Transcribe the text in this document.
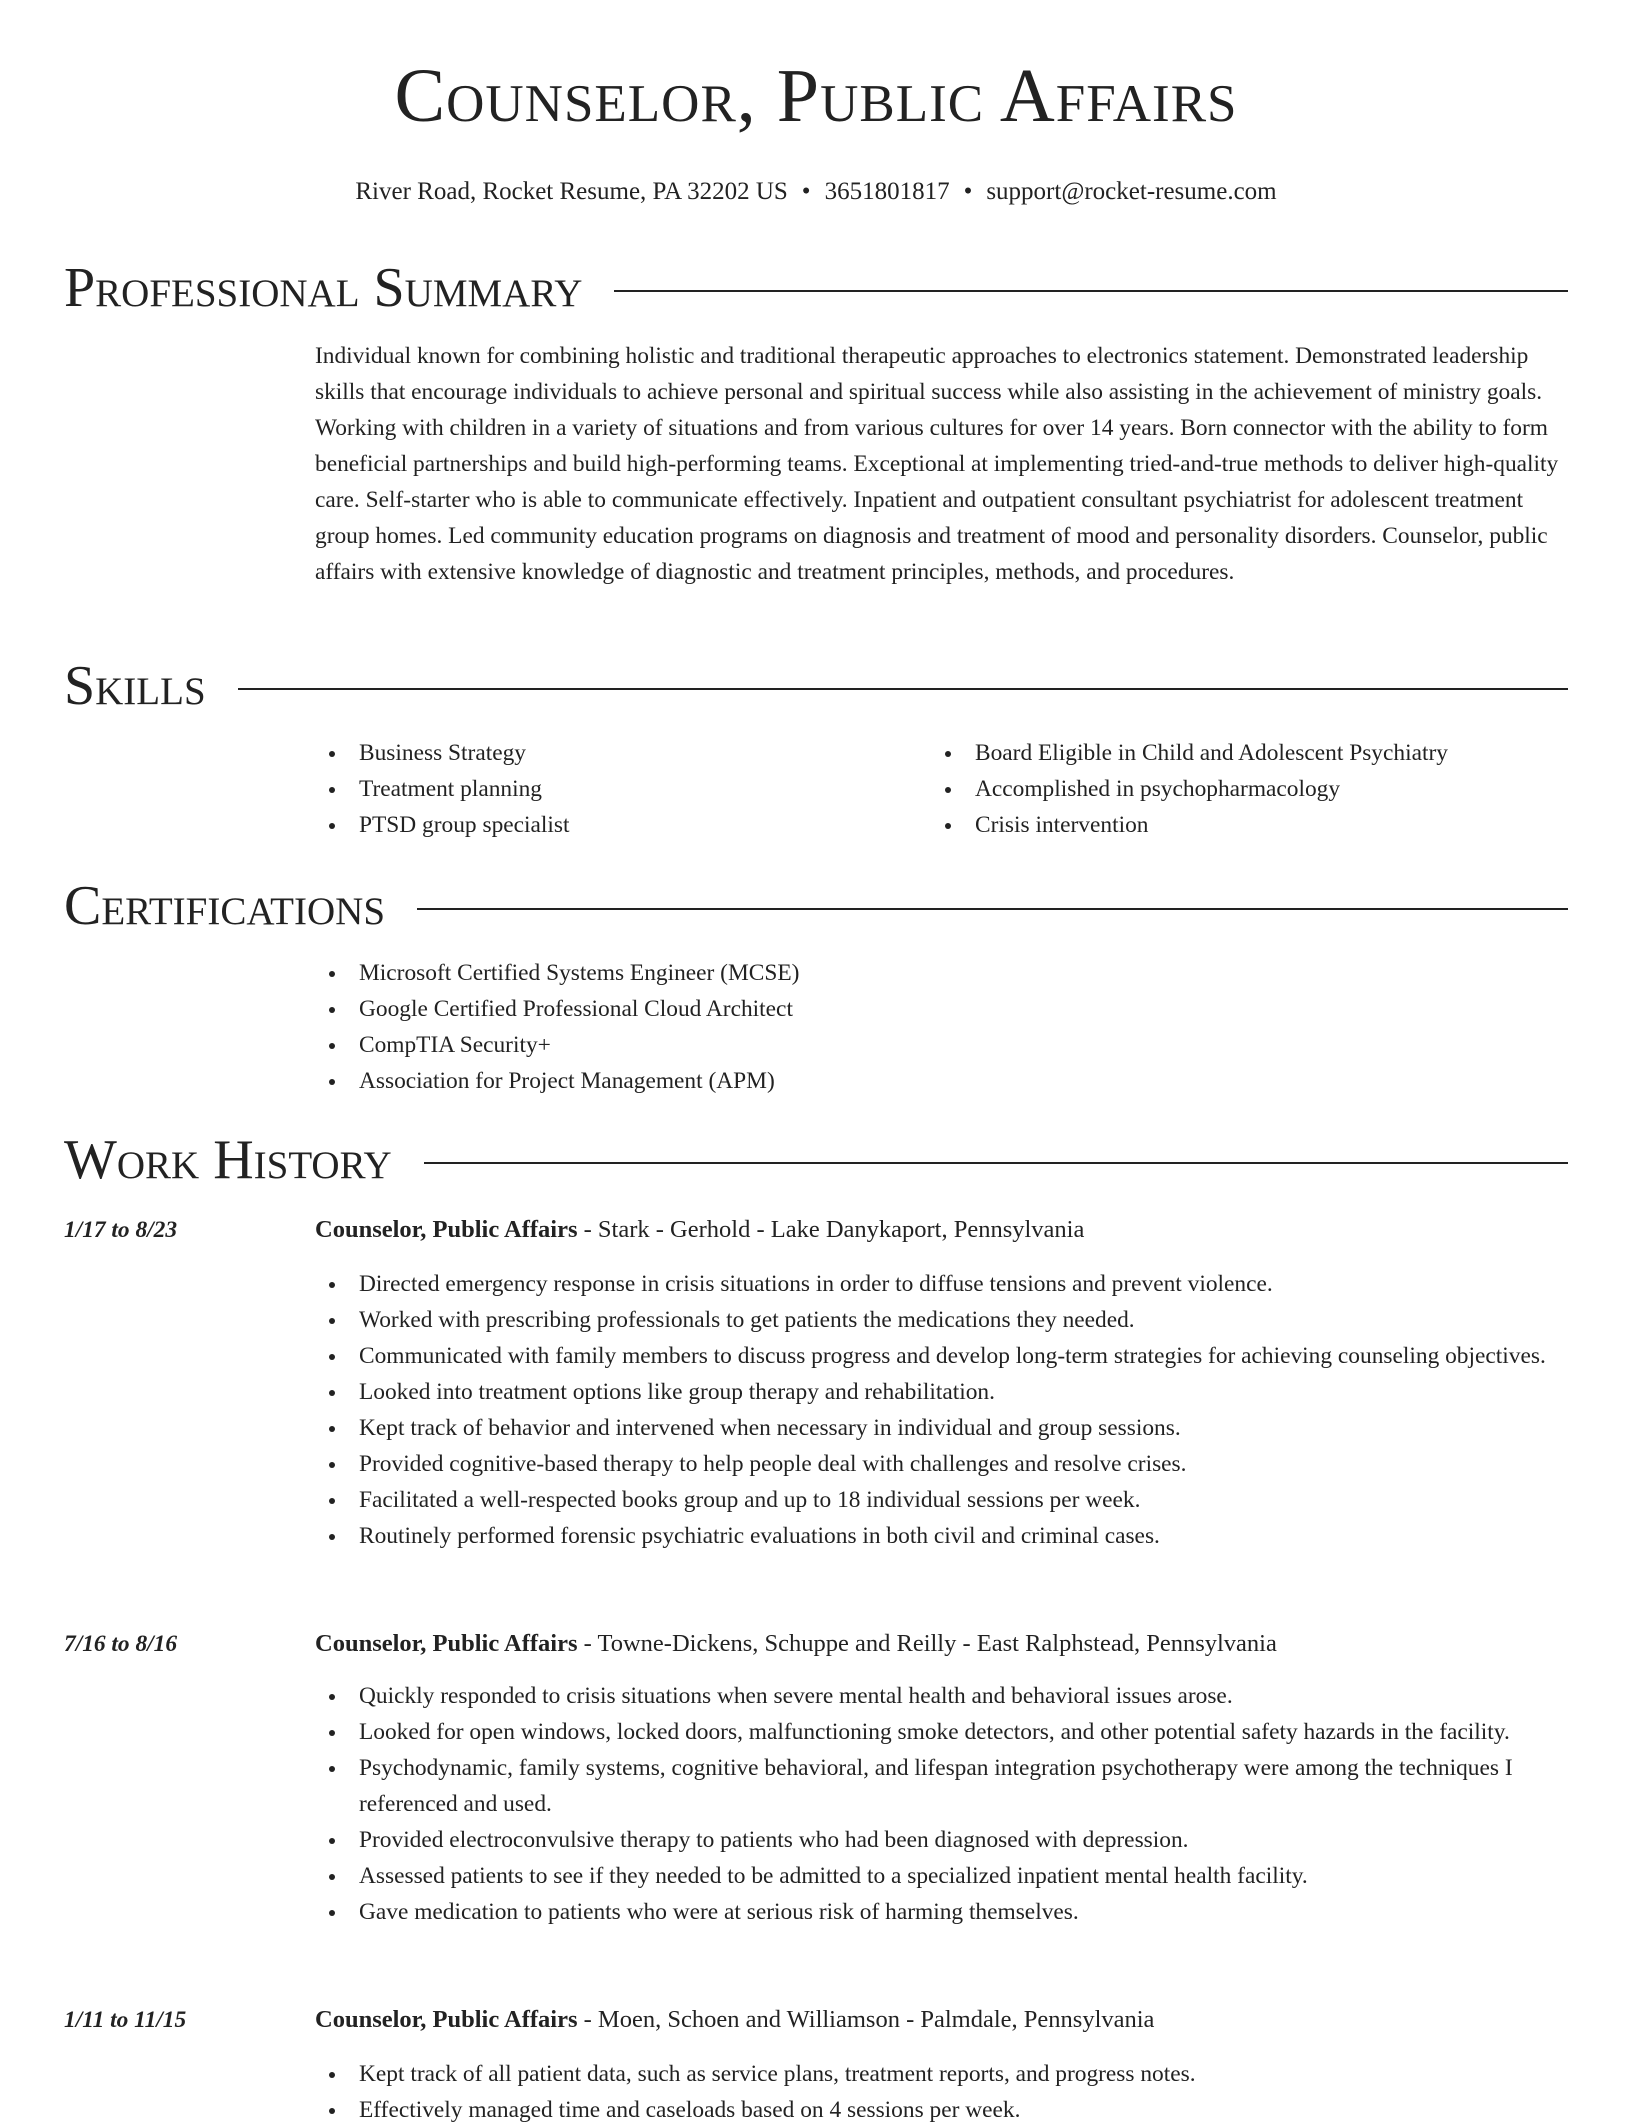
Counselor, Public Affairs
River Road, Rocket Resume, PA 32202 US • 3651801817 • support@rocket-resume.com
Professional Summary

Individual known for combining holistic and traditional therapeutic approaches to electronics statement. Demonstrated leadership skills that encourage individuals to achieve personal and spiritual success while also assisting in the achievement of ministry goals. Working with children in a variety of situations and from various cultures for over 14 years. Born connector with the ability to form beneficial partnerships and build high-performing teams. Exceptional at implementing tried-and-true methods to deliver high-quality care. Self-starter who is able to communicate effectively. Inpatient and outpatient consultant psychiatrist for adolescent treatment group homes. Led community education programs on diagnosis and treatment of mood and personality disorders. Counselor, public affairs with extensive knowledge of diagnostic and treatment principles, methods, and procedures.

Skills
Business Strategy
Treatment planning
PTSD group specialist
Board Eligible in Child and Adolescent Psychiatry
Accomplished in psychopharmacology
Crisis intervention
Certifications
Microsoft Certified Systems Engineer (MCSE)
Google Certified Professional Cloud Architect
CompTIA Security+
Association for Project Management (APM)
Work History
1/17 to 8/23	Counselor, Public Affairs - Stark - Gerhold - Lake Danykaport, Pennsylvania
Directed emergency response in crisis situations in order to diffuse tensions and prevent violence.
Worked with prescribing professionals to get patients the medications they needed.
Communicated with family members to discuss progress and develop long-term strategies for achieving counseling objectives.
Looked into treatment options like group therapy and rehabilitation.
Kept track of behavior and intervened when necessary in individual and group sessions.
Provided cognitive-based therapy to help people deal with challenges and resolve crises.
Facilitated a well-respected books group and up to 18 individual sessions per week.
Routinely performed forensic psychiatric evaluations in both civil and criminal cases.
7/16 to 8/16	Counselor, Public Affairs - Towne-Dickens, Schuppe and Reilly - East Ralphstead, Pennsylvania
Quickly responded to crisis situations when severe mental health and behavioral issues arose.
Looked for open windows, locked doors, malfunctioning smoke detectors, and other potential safety hazards in the facility.
Psychodynamic, family systems, cognitive behavioral, and lifespan integration psychotherapy were among the techniques I referenced and used.
Provided electroconvulsive therapy to patients who had been diagnosed with depression.
Assessed patients to see if they needed to be admitted to a specialized inpatient mental health facility.
Gave medication to patients who were at serious risk of harming themselves.
1/11 to 11/15	Counselor, Public Affairs - Moen, Schoen and Williamson - Palmdale, Pennsylvania
Kept track of all patient data, such as service plans, treatment reports, and progress notes.
Effectively managed time and caseloads based on 4 sessions per week.
